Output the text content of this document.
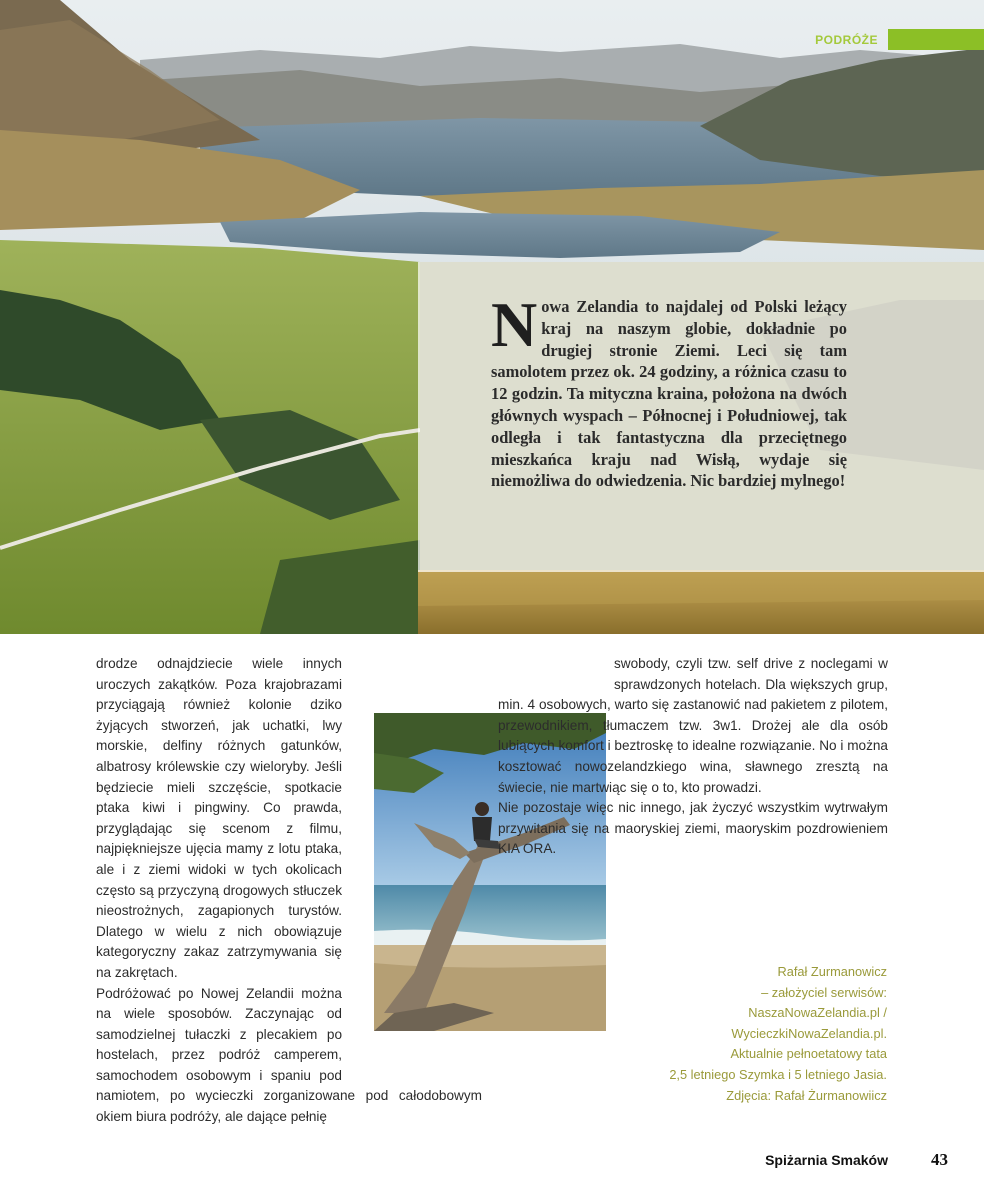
PODRÓŻE

Nowa Zelandia to najdalej od Polski leżący kraj na naszym globie, dokładnie po drugiej stronie Ziemi. Leci się tam samolotem przez ok. 24 godziny, a różnica czasu to 12 godzin. Ta mityczna kraina, położona na dwóch głównych wyspach – Północnej i Południowej, tak odległa i tak fantastyczna dla przeciętnego mieszkańca kraju nad Wisłą, wydaje się niemożliwa do odwiedzenia. Nic bardziej mylnego!

drodze odnajdziecie wiele innych uroczych zakątków. Poza krajobrazami przyciągają również kolonie dziko żyjących stworzeń, jak uchatki, lwy morskie, delfiny różnych gatunków, albatrosy królewskie czy wieloryby. Jeśli będziecie mieli szczęście, spotkacie ptaka kiwi i pingwiny. Co prawda, przyglądając się scenom z filmu, najpiękniejsze ujęcia mamy z lotu ptaka, ale i z ziemi widoki w tych okolicach często są przyczyną drogowych stłuczek nieostrożnych, zagapionych turystów. Dlatego w wielu z nich obowiązuje kategoryczny zakaz zatrzymywania się na zakrętach.

Podróżować po Nowej Zelandii można na wiele sposobów. Zaczynając od samodzielnej tułaczki z plecakiem po hostelach, przez podróż camperem, samochodem osobowym i spaniu pod namiotem, po wycieczki zorganizowane pod całodobowym okiem biura podróży, ale dające pełnię

swobody, czyli tzw. self drive z noclegami w sprawdzonych hotelach. Dla większych grup, min. 4 osobowych, warto się zastanowić nad pakietem z pilotem, przewodnikiem, tłumaczem tzw. 3w1. Drożej ale dla osób lubiących komfort i beztroskę to idealne rozwiązanie. No i można kosztować nowozelandzkiego wina, sławnego zresztą na świecie, nie martwiąc się o to, kto prowadzi.

Nie pozostaje więc nic innego, jak życzyć wszystkim wytrwałym przywitania się na maoryskiej ziemi, maoryskim pozdrowieniem KIA ORA.

Rafał Zurmanowicz
– założyciel serwisów:
NaszaNowaZelandia.pl /
WycieczkiNowaZelandia.pl.
Aktualnie pełnoetatowy tata
2,5 letniego Szymka i 5 letniego Jasia.
Zdjęcia: Rafał Żurmanowiicz
Spiżarnia Smaków	43
